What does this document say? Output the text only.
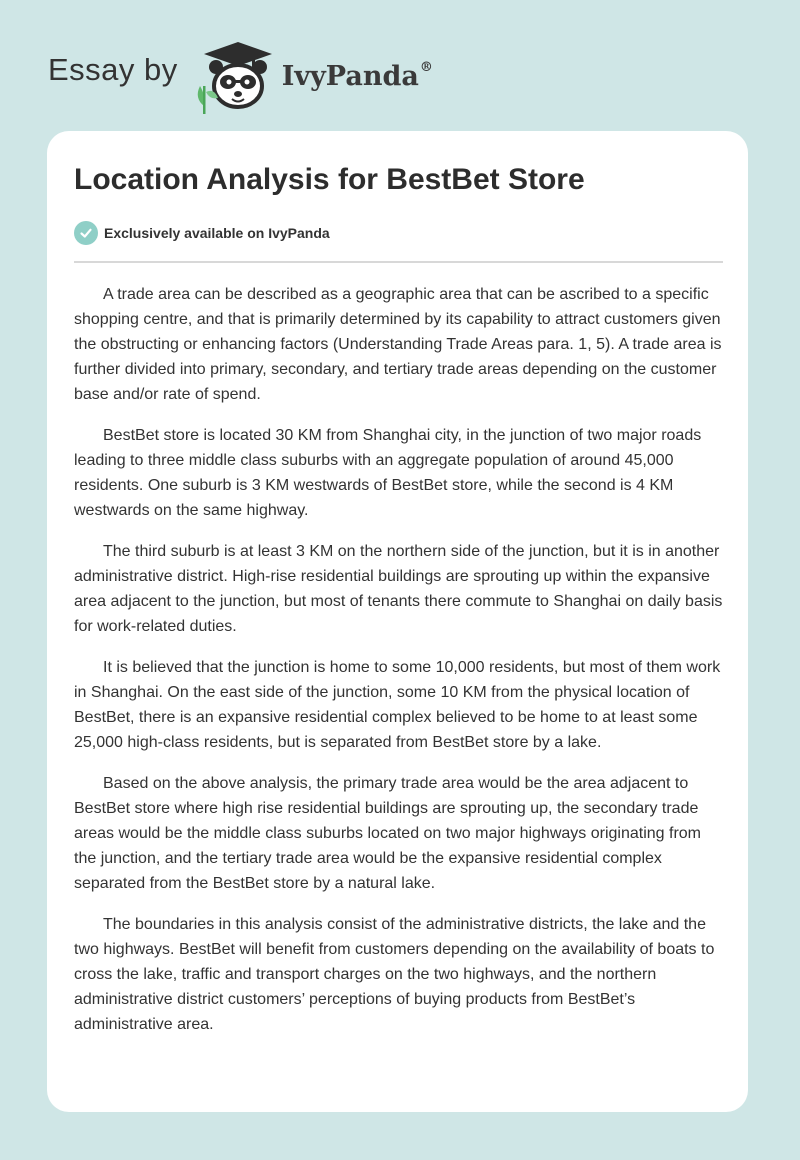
Essay by	IvyPanda®
Location Analysis for BestBet Store
Exclusively available on IvyPanda

A trade area can be described as a geographic area that can be ascribed to a specific shopping centre, and that is primarily determined by its capability to attract customers given the obstructing or enhancing factors (Understanding Trade Areas para. 1, 5). A trade area is further divided into primary, secondary, and tertiary trade areas depending on the customer base and/or rate of spend.

BestBet store is located 30 KM from Shanghai city, in the junction of two major roads leading to three middle class suburbs with an aggregate population of around 45,000 residents. One suburb is 3 KM westwards of BestBet store, while the second is 4 KM westwards on the same highway.

The third suburb is at least 3 KM on the northern side of the junction, but it is in another administrative district. High-rise residential buildings are sprouting up within the expansive area adjacent to the junction, but most of tenants there commute to Shanghai on daily basis for work-related duties.

It is believed that the junction is home to some 10,000 residents, but most of them work in Shanghai. On the east side of the junction, some 10 KM from the physical location of BestBet, there is an expansive residential complex believed to be home to at least some 25,000 high-class residents, but is separated from BestBet store by a lake.

Based on the above analysis, the primary trade area would be the area adjacent to BestBet store where high rise residential buildings are sprouting up, the secondary trade areas would be the middle class suburbs located on two major highways originating from the junction, and the tertiary trade area would be the expansive residential complex separated from the BestBet store by a natural lake.

The boundaries in this analysis consist of the administrative districts, the lake and the two highways. BestBet will benefit from customers depending on the availability of boats to cross the lake, traffic and transport charges on the two highways, and the northern administrative district customers’ perceptions of buying products from BestBet’s administrative area.
